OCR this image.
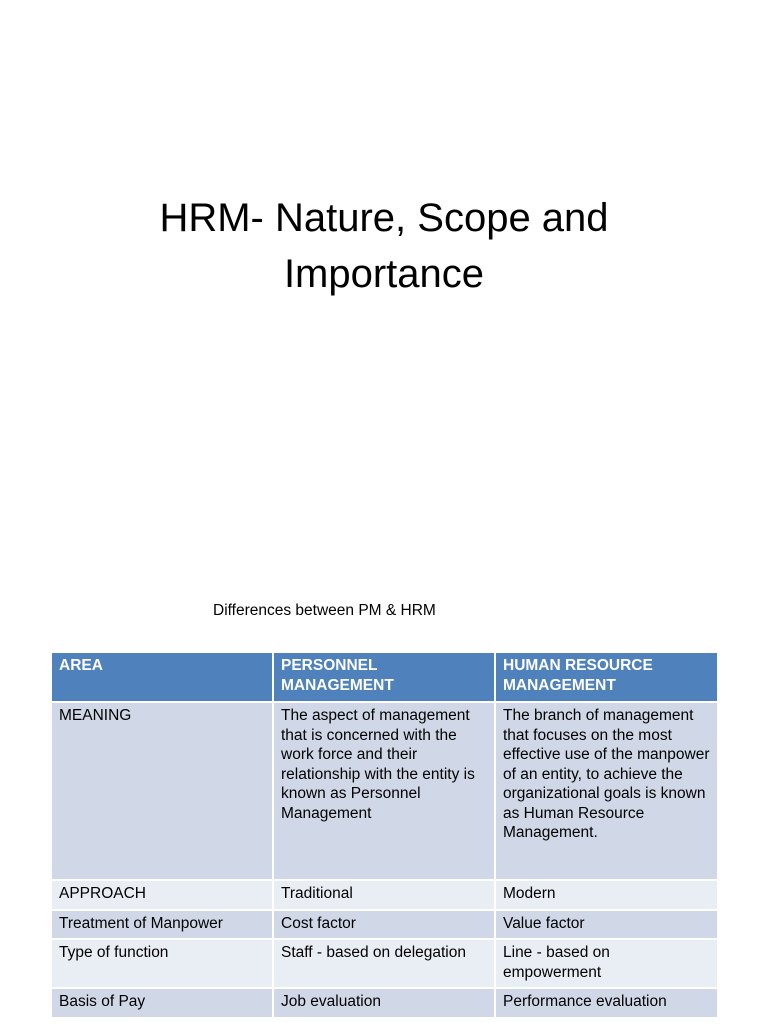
HRM- Nature, Scope and
Importance
Differences between PM & HRM
AREA	PERSONNEL MANAGEMENT	HUMAN RESOURCE MANAGEMENT
MEANING	The aspect of management that is concerned with the work force and their relationship with the entity is known as Personnel Management	The branch of management that focuses on the most effective use of the manpower of an entity, to achieve the organizational goals is known as Human Resource Management.
APPROACH	Traditional	Modern
Treatment of Manpower	Cost factor	Value factor
Type of function	Staff - based on delegation	Line - based on empowerment
Basis of Pay	Job evaluation	Performance evaluation
